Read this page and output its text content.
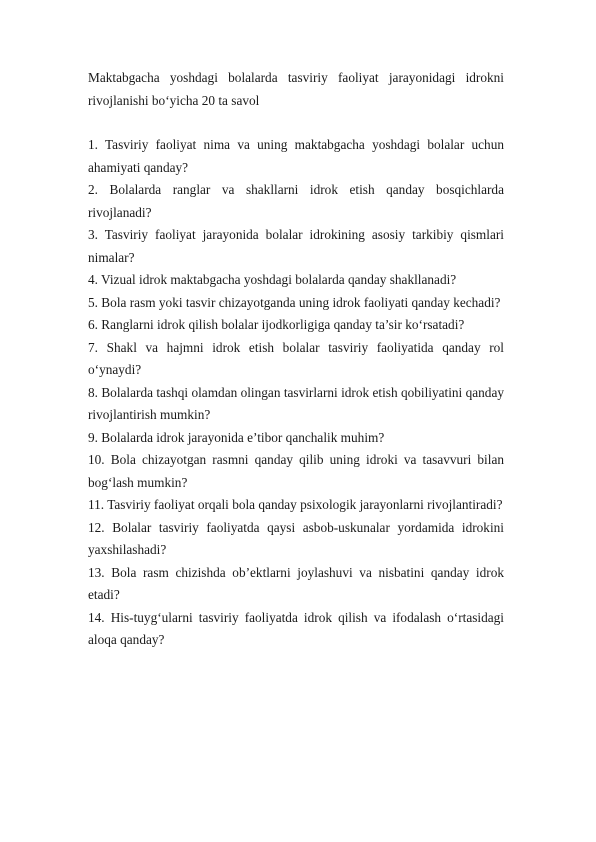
Maktabgacha yoshdagi bolalarda tasviriy faoliyat jarayonidagi idrokni rivojlanishi bo‘yicha 20 ta savol

1. Tasviriy faoliyat nima va uning maktabgacha yoshdagi bolalar uchun ahamiyati qanday?
2. Bolalarda ranglar va shakllarni idrok etish qanday bosqichlarda rivojlanadi?
3. Tasviriy faoliyat jarayonida bolalar idrokining asosiy tarkibiy qismlari nimalar?
4. Vizual idrok maktabgacha yoshdagi bolalarda qanday shakllanadi?
5. Bola rasm yoki tasvir chizayotganda uning idrok faoliyati qanday kechadi?
6. Ranglarni idrok qilish bolalar ijodkorligiga qanday ta’sir ko‘rsatadi?
7. Shakl va hajmni idrok etish bolalar tasviriy faoliyatida qanday rol o‘ynaydi?
8. Bolalarda tashqi olamdan olingan tasvirlarni idrok etish qobiliyatini qanday rivojlantirish mumkin?
9. Bolalarda idrok jarayonida e’tibor qanchalik muhim?
10. Bola chizayotgan rasmni qanday qilib uning idroki va tasavvuri bilan bog‘lash mumkin?
11. Tasviriy faoliyat orqali bola qanday psixologik jarayonlarni rivojlantiradi?
12. Bolalar tasviriy faoliyatda qaysi asbob-uskunalar yordamida idrokini yaxshilashadi?
13. Bola rasm chizishda ob’ektlarni joylashuvi va nisbatini qanday idrok etadi?
14. His-tuyg‘ularni tasviriy faoliyatda idrok qilish va ifodalash o‘rtasidagi aloqa qanday?
